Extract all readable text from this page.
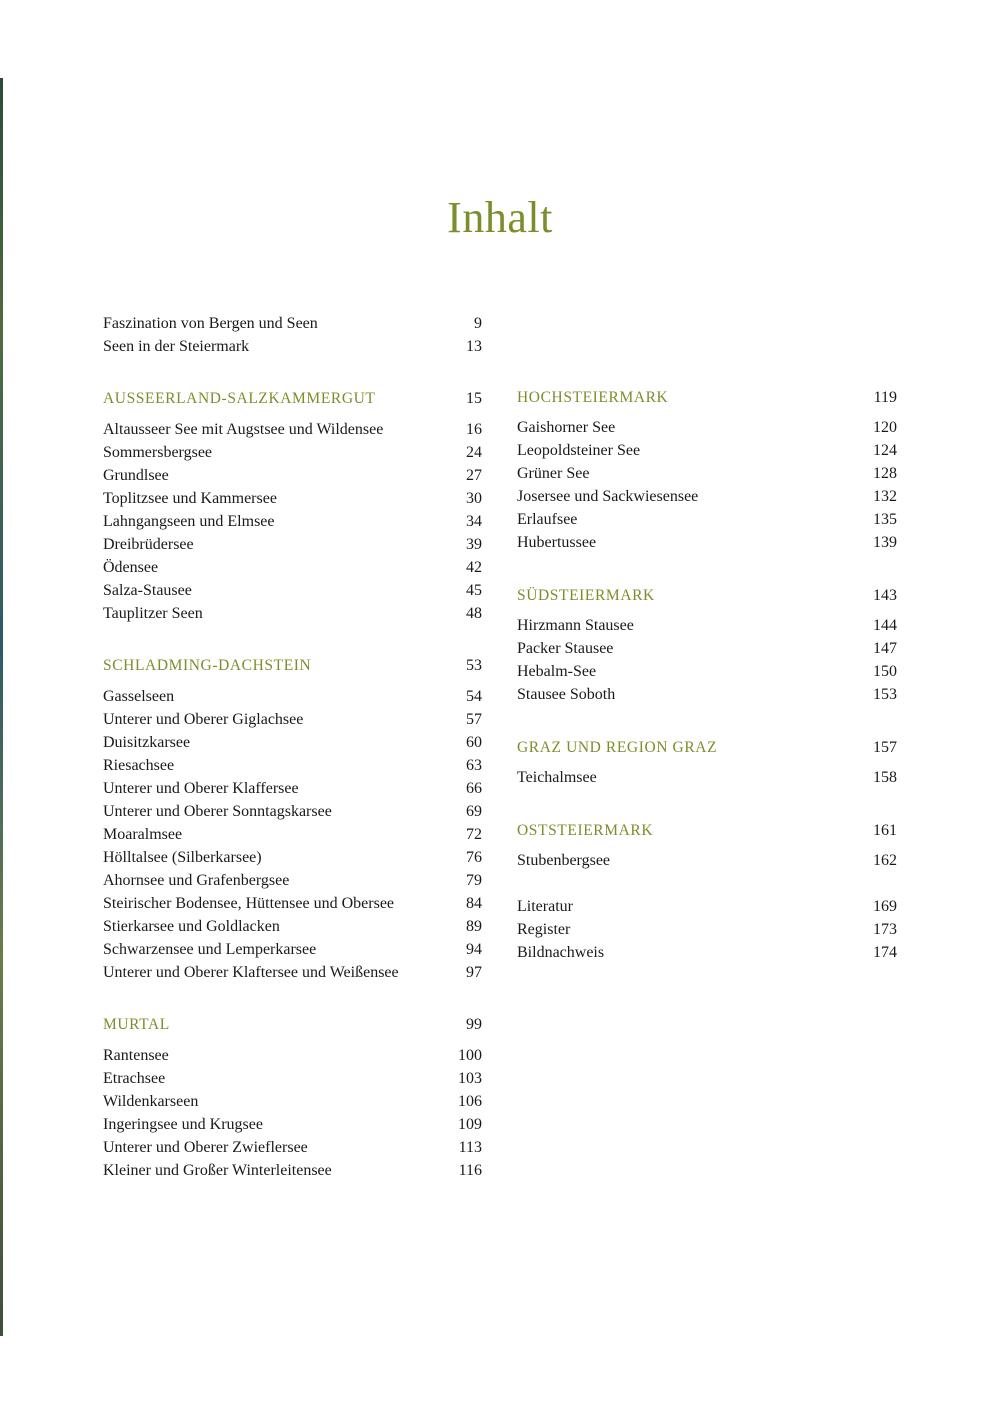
Inhalt
Faszination von Bergen und Seen	9
Seen in der Steiermark	13
AUSSEERLAND-SALZKAMMERGUT	15
Altausseer See mit Augstsee und Wildensee	16
Sommersbergsee	24
Grundlsee	27
Toplitzsee und Kammersee	30
Lahngangseen und Elmsee	34
Dreibrüdersee	39
Ödensee	42
Salza-Stausee	45
Tauplitzer Seen	48
SCHLADMING-DACHSTEIN	53
Gasselseen	54
Unterer und Oberer Giglachsee	57
Duisitzkarsee	60
Riesachsee	63
Unterer und Oberer Klaffersee	66
Unterer und Oberer Sonntagskarsee	69
Moaralmsee	72
Hölltalsee (Silberkarsee)	76
Ahornsee und Grafenbergsee	79
Steirischer Bodensee, Hüttensee und Obersee	84
Stierkarsee und Goldlacken	89
Schwarzensee und Lemperkarsee	94
Unterer und Oberer Klaftersee und Weißensee	97
MURTAL	99
Rantensee	100
Etrachsee	103
Wildenkarseen	106
Ingeringsee und Krugsee	109
Unterer und Oberer Zwieflersee	113
Kleiner und Großer Winterleitensee	116
HOCHSTEIERMARK	119
Gaishorner See	120
Leopoldsteiner See	124
Grüner See	128
Josersee und Sackwiesensee	132
Erlaufsee	135
Hubertussee	139
SÜDSTEIERMARK	143
Hirzmann Stausee	144
Packer Stausee	147
Hebalm-See	150
Stausee Soboth	153
GRAZ UND REGION GRAZ	157
Teichalmsee	158
OSTSTEIERMARK	161
Stubenbergsee	162
Literatur	169
Register	173
Bildnachweis	174
